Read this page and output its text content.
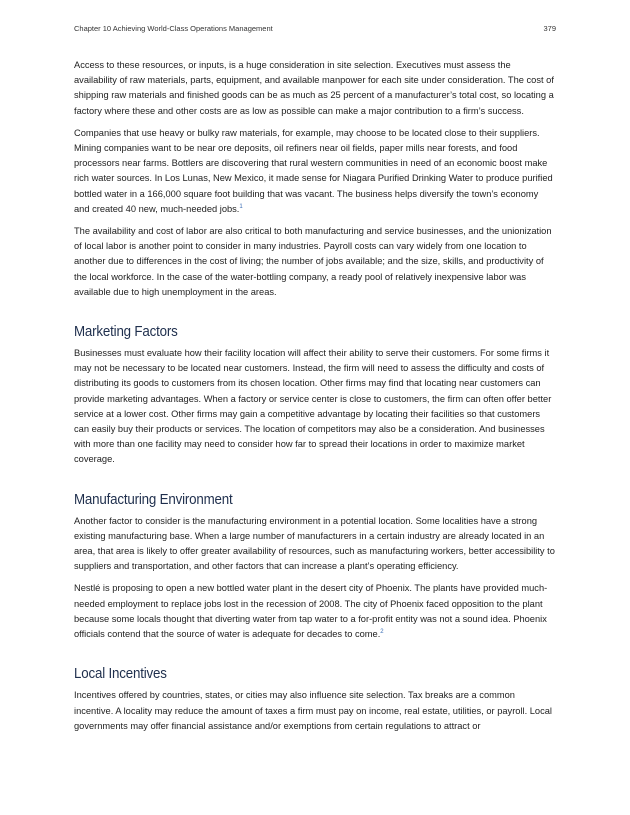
Chapter 10 Achieving World-Class Operations Management	379

Access to these resources, or inputs, is a huge consideration in site selection. Executives must assess the availability of raw materials, parts, equipment, and available manpower for each site under consideration. The cost of shipping raw materials and finished goods can be as much as 25 percent of a manufacturer’s total cost, so locating a factory where these and other costs are as low as possible can make a major contribution to a firm’s success.

Companies that use heavy or bulky raw materials, for example, may choose to be located close to their suppliers. Mining companies want to be near ore deposits, oil refiners near oil fields, paper mills near forests, and food processors near farms. Bottlers are discovering that rural western communities in need of an economic boost make rich water sources. In Los Lunas, New Mexico, it made sense for Niagara Purified Drinking Water to produce purified bottled water in a 166,000 square foot building that was vacant. The business helps diversify the town’s economy and created 40 new, much-needed jobs.$^1$

The availability and cost of labor are also critical to both manufacturing and service businesses, and the unionization of local labor is another point to consider in many industries. Payroll costs can vary widely from one location to another due to differences in the cost of living; the number of jobs available; and the size, skills, and productivity of the local workforce. In the case of the water-bottling company, a ready pool of relatively inexpensive labor was available due to high unemployment in the areas.

Marketing Factors

Businesses must evaluate how their facility location will affect their ability to serve their customers. For some firms it may not be necessary to be located near customers. Instead, the firm will need to assess the difficulty and costs of distributing its goods to customers from its chosen location. Other firms may find that locating near customers can provide marketing advantages. When a factory or service center is close to customers, the firm can often offer better service at a lower cost. Other firms may gain a competitive advantage by locating their facilities so that customers can easily buy their products or services. The location of competitors may also be a consideration. And businesses with more than one facility may need to consider how far to spread their locations in order to maximize market coverage.

Manufacturing Environment

Another factor to consider is the manufacturing environment in a potential location. Some localities have a strong existing manufacturing base. When a large number of manufacturers in a certain industry are already located in an area, that area is likely to offer greater availability of resources, such as manufacturing workers, better accessibility to suppliers and transportation, and other factors that can increase a plant’s operating efficiency.

Nestlé is proposing to open a new bottled water plant in the desert city of Phoenix. The plants have provided much-needed employment to replace jobs lost in the recession of 2008. The city of Phoenix faced opposition to the plant because some locals thought that diverting water from tap water to a for-profit entity was not a sound idea. Phoenix officials contend that the source of water is adequate for decades to come.$^2$

Local Incentives

Incentives offered by countries, states, or cities may also influence site selection. Tax breaks are a common incentive. A locality may reduce the amount of taxes a firm must pay on income, real estate, utilities, or payroll. Local governments may offer financial assistance and/or exemptions from certain regulations to attract or
